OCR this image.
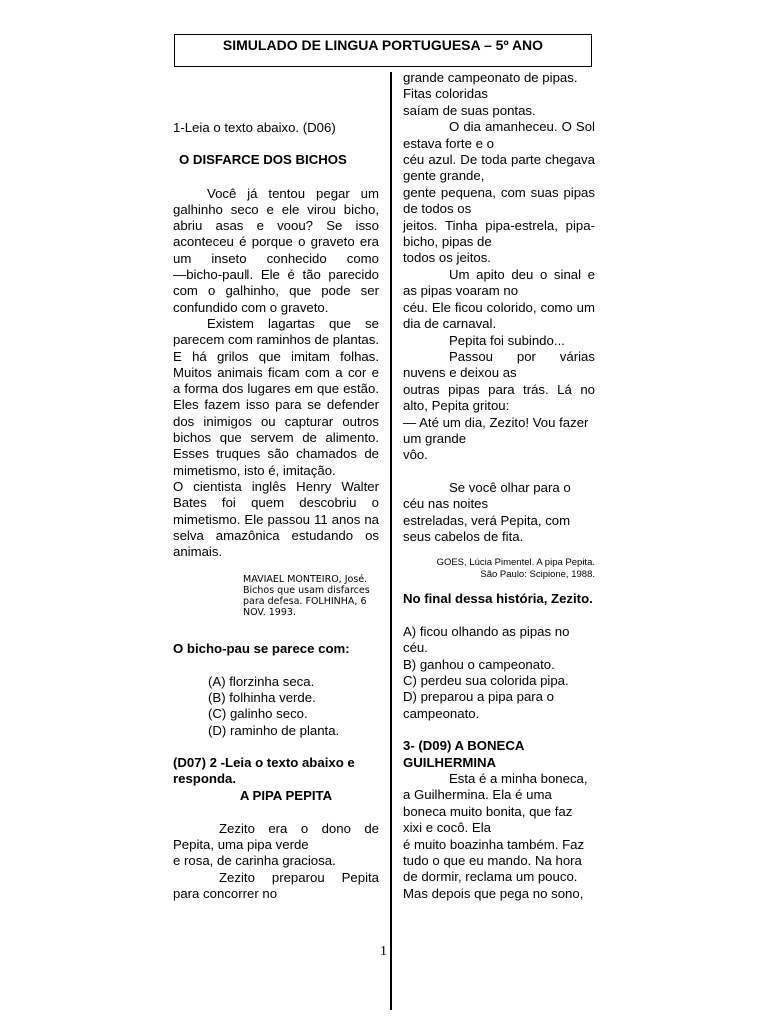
SIMULADO DE LINGUA PORTUGUESA – 5º ANO

1-Leia o texto abaixo. (D06)

O DISFARCE DOS BICHOS

Você já tentou pegar um galhinho seco e ele virou bicho, abriu asas e voou? Se isso aconteceu é porque o graveto era um inseto conhecido como ―bicho-pau‖. Ele é tão parecido com o galhinho, que pode ser confundido com o graveto.

Existem lagartas que se parecem com raminhos de plantas. E há grilos que imitam folhas. Muitos animais ficam com a cor e a forma dos lugares em que estão. Eles fazem isso para se defender dos inimigos ou capturar outros bichos que servem de alimento. Esses truques são chamados de mimetismo, isto é, imitação.

O cientista inglês Henry Walter Bates foi quem descobriu o mimetismo. Ele passou 11 anos na selva amazônica estudando os animais.

MAVIAEL MONTEIRO, José. Bichos que usam disfarces para defesa. FOLHINHA, 6 NOV. 1993.

O bicho-pau se parece com:

(A) florzinha seca.

(B) folhinha verde.

(C) galinho seco.

(D) raminho de planta.

(D07) 2 -Leia o texto abaixo e responda.

A PIPA PEPITA

Zezito era o dono de

Pepita, uma pipa verde

e rosa, de carinha graciosa.

Zezito preparou Pepita

para concorrer no

grande campeonato de pipas. Fitas coloridas

saíam de suas pontas.

O dia amanheceu. O Sol estava forte e o

céu azul. De toda parte chegava gente grande,

gente pequena, com suas pipas de todos os

jeitos. Tinha pipa-estrela, pipa-bicho, pipas de

todos os jeitos.

Um apito deu o sinal e as pipas voaram no

céu. Ele ficou colorido, como um dia de carnaval.

Pepita foi subindo...

Passou por várias nuvens e deixou as

outras pipas para trás. Lá no alto, Pepita gritou:

— Até um dia, Zezito! Vou fazer um grande

vôo.

Se você olhar para o céu nas noites

estreladas, verá Pepita, com seus cabelos de fita.

GOES, Lúcia Pimentel. A pipa Pepita.

São Paulo: Scipione, 1988.

No final dessa história, Zezito.

A) ficou olhando as pipas no céu.

B) ganhou o campeonato.

C) perdeu sua colorida pipa.

D) preparou a pipa para o campeonato.

3- (D09) A BONECA GUILHERMINA

Esta é a minha boneca,

a Guilhermina. Ela é uma boneca muito bonita, que faz xixi e cocô. Ela

é muito boazinha também. Faz tudo o que eu mando. Na hora de dormir, reclama um pouco. Mas depois que pega no sono,

1
